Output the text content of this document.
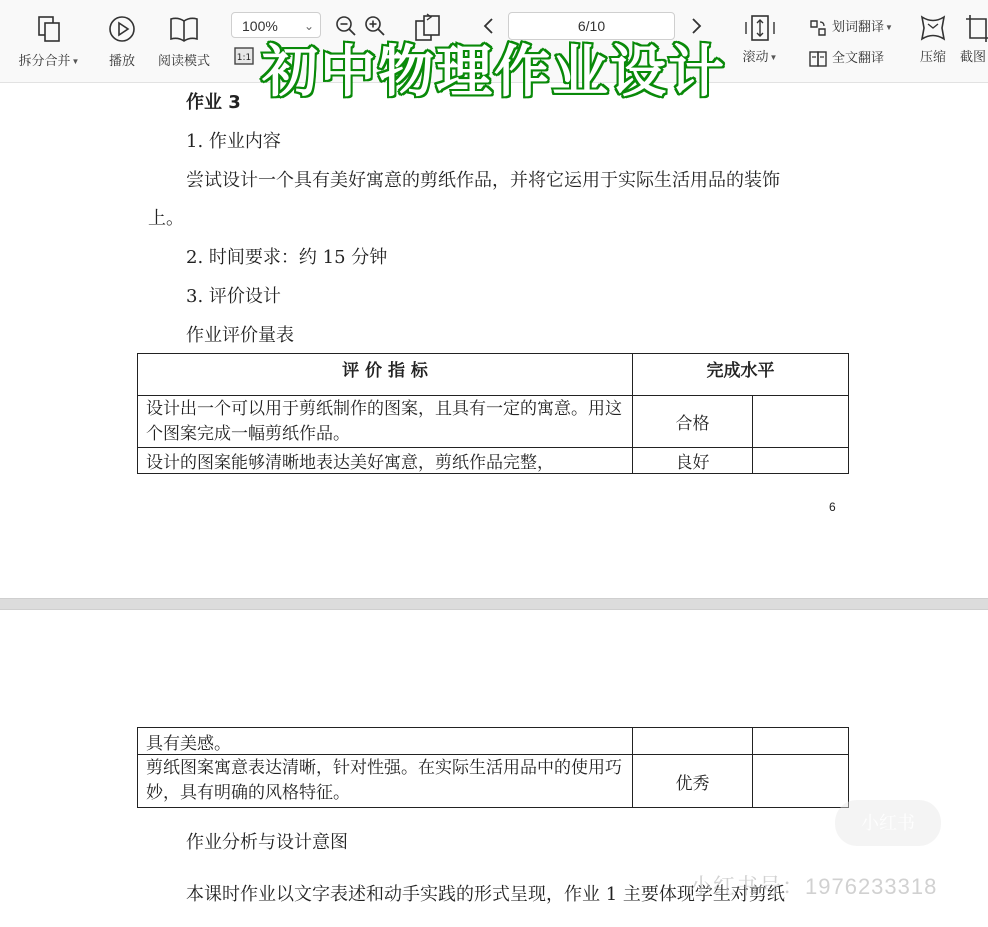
拆分合并▼	播放	阅读模式
100% ⌄
1:1
6/10
滚动▼
划词翻译▼
全文翻译	压缩	截图
初中物理作业设计
作业 3
1. 作业内容
尝试设计一个具有美好寓意的剪纸作品，并将它运用于实际生活用品的装饰
上。
2. 时间要求：约 15 分钟
3. 评价设计
作业评价量表
评 价 指 标	完成水平	
设计出一个可以用于剪纸制作的图案，且具有一定的寓意。用这个图案完成一幅剪纸作品。	合格	
设计的图案能够清晰地表达美好寓意，剪纸作品完整，	良好	
6
具有美感。		
剪纸图案寓意表达清晰，针对性强。在实际生活用品中的使用巧妙，具有明确的风格特征。	优秀	
作业分析与设计意图
本课时作业以文字表述和动手实践的形式呈现，作业 1 主要体现学生对剪纸
小红书
小红书号：1976233318
